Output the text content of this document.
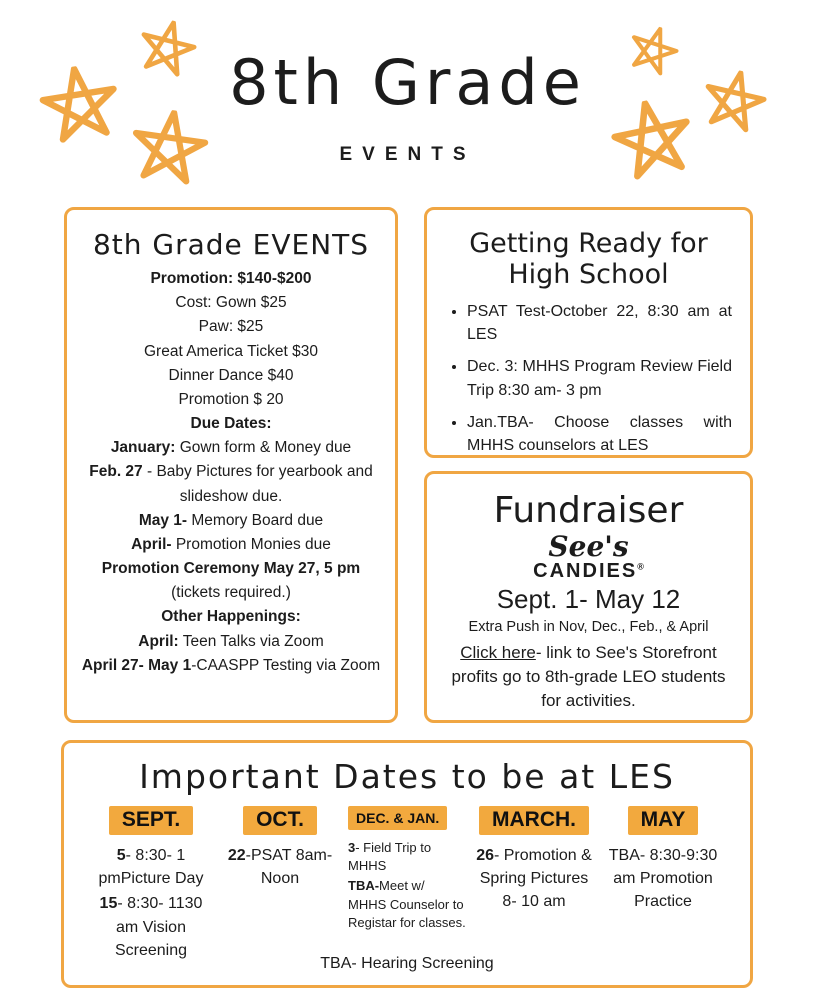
8th Grade
EVENTS
8th Grade EVENTS
Promotion: $140-$200
Cost: Gown $25
Paw: $25
Great America Ticket $30
Dinner Dance $40
Promotion $ 20
Due Dates:
January: Gown form & Money due
Feb. 27 - Baby Pictures for yearbook and slideshow due.
May 1- Memory Board due
April- Promotion Monies due
Promotion Ceremony May 27, 5 pm
(tickets required.)
Other Happenings:
April: Teen Talks via Zoom
April 27- May 1-CAASPP Testing via Zoom
Getting Ready for
High School
• PSAT Test-October 22, 8:30 am at LES
• Dec. 3: MHHS Program Review Field Trip 8:30 am- 3 pm
• Jan.TBA- Choose classes with MHHS counselors at LES
Fundraiser
See's
CANDIES®
Sept. 1- May 12
Extra Push in Nov, Dec., Feb., & April

Click here- link to See's Storefront profits go to 8th-grade LEO students for activities.

Important Dates to be at LES
SEPT.
5- 8:30- 1 pmPicture Day
15- 8:30- 1130 am Vision Screening
OCT.
22-PSAT 8am- Noon
DEC. & JAN.
3- Field Trip to MHHS
TBA-Meet w/ MHHS Counselor to Registar for classes.
MARCH.
26- Promotion & Spring Pictures 8- 10 am
MAY
TBA- 8:30-9:30 am Promotion Practice
TBA- Hearing Screening
